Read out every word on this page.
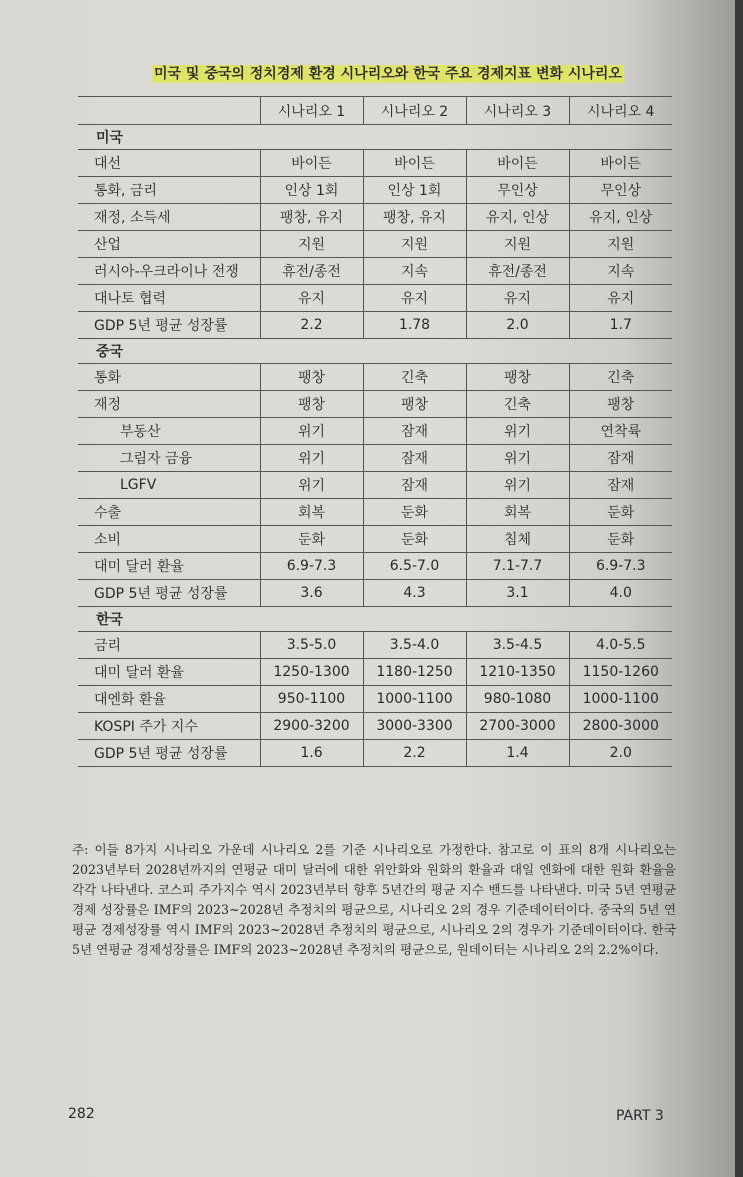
미국 및 중국의 정치경제 환경 시나리오와 한국 주요 경제지표 변화 시나리오
	시나리오 1	시나리오 2	시나리오 3	시나리오 4
미국				
대선	바이든	바이든	바이든	바이든
통화, 금리	인상 1회	인상 1회	무인상	무인상
재정, 소득세	팽창, 유지	팽창, 유지	유지, 인상	유지, 인상
산업	지원	지원	지원	지원
러시아-우크라이나 전쟁	휴전/종전	지속	휴전/종전	지속
대나토 협력	유지	유지	유지	유지
GDP 5년 평균 성장률	2.2	1.78	2.0	1.7
중국				
통화	팽창	긴축	팽창	긴축
재정	팽창	팽창	긴축	팽창
부동산	위기	잠재	위기	연착륙
그림자 금융	위기	잠재	위기	잠재
LGFV	위기	잠재	위기	잠재
수출	회복	둔화	회복	둔화
소비	둔화	둔화	침체	둔화
대미 달러 환율	6.9-7.3	6.5-7.0	7.1-7.7	6.9-7.3
GDP 5년 평균 성장률	3.6	4.3	3.1	4.0
한국				
금리	3.5-5.0	3.5-4.0	3.5-4.5	4.0-5.5
대미 달러 환율	1250-1300	1180-1250	1210-1350	1150-1260
대엔화 환율	950-1100	1000-1100	980-1080	1000-1100
KOSPI 주가 지수	2900-3200	3000-3300	2700-3000	2800-3000
GDP 5년 평균 성장률	1.6	2.2	1.4	2.0
주: 이들 8가지 시나리오 가운데 시나리오 2를 기준 시나리오로 가정한다. 참고로 이 표의 8개 시나리오는 2023년부터 2028년까지의 연평균 대미 달러에 대한 위안화와 원화의 환율과 대일 엔화에 대한 원화 환율을 각각 나타낸다. 코스피 주가지수 역시 2023년부터 향후 5년간의 평균 지수 밴드를 나타낸다. 미국 5년 연평균 경제 성장률은 IMF의 2023~2028년 추정치의 평균으로, 시나리오 2의 경우 기준데이터이다. 중국의 5년 연평균 경제성장률 역시 IMF의 2023~2028년 추정치의 평균으로, 시나리오 2의 경우가 기준데이터이다. 한국 5년 연평균 경제성장률은 IMF의 2023~2028년 추정치의 평균으로, 원데이터는 시나리오 2의 2.2%이다.
282	PART 3
